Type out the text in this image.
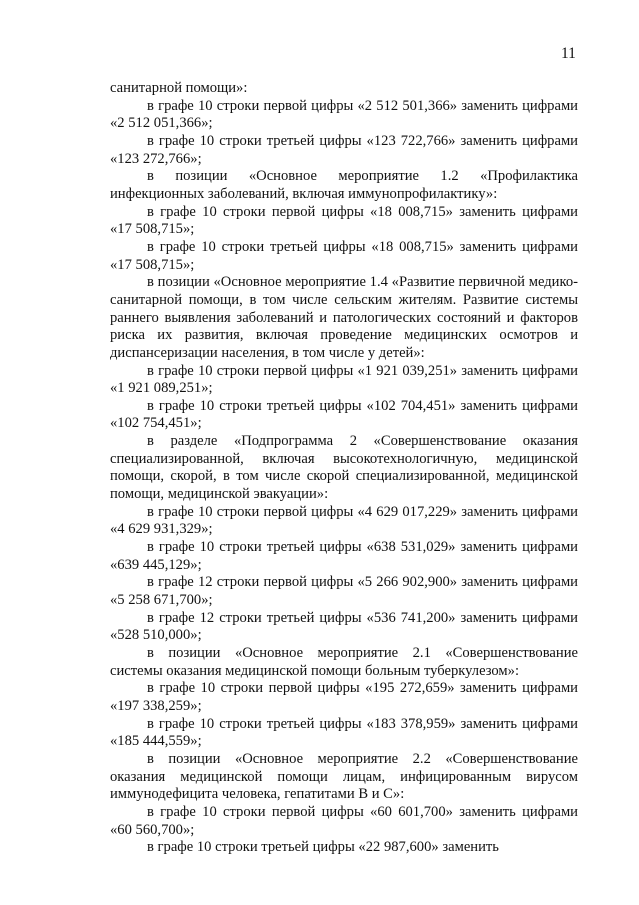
11

санитарной помощи»:

в графе 10 строки первой цифры «2 512 501,366» заменить цифрами «2 512 051,366»;

в графе 10 строки третьей цифры «123 722,766» заменить цифрами «123 272,766»;

в позиции «Основное мероприятие 1.2 «Профилактика инфекционных заболеваний, включая иммунопрофилактику»:

в графе 10 строки первой цифры «18 008,715» заменить цифрами «17 508,715»;

в графе 10 строки третьей цифры «18 008,715» заменить цифрами «17 508,715»;

в позиции «Основное мероприятие 1.4 «Развитие первичной медико-санитарной помощи, в том числе сельским жителям. Развитие системы раннего выявления заболеваний и патологических состояний и факторов риска их развития, включая проведение медицинских осмотров и диспансеризации населения, в том числе у детей»:

в графе 10 строки первой цифры «1 921 039,251» заменить цифрами «1 921 089,251»;

в графе 10 строки третьей цифры «102 704,451» заменить цифрами «102 754,451»;

в разделе «Подпрограмма 2 «Совершенствование оказания специализированной, включая высокотехнологичную, медицинской помощи, скорой, в том числе скорой специализированной, медицинской помощи, медицинской эвакуации»:

в графе 10 строки первой цифры «4 629 017,229» заменить цифрами «4 629 931,329»;

в графе 10 строки третьей цифры «638 531,029» заменить цифрами «639 445,129»;

в графе 12 строки первой цифры «5 266 902,900» заменить цифрами «5 258 671,700»;

в графе 12 строки третьей цифры «536 741,200» заменить цифрами «528 510,000»;

в позиции «Основное мероприятие 2.1 «Совершенствование системы оказания медицинской помощи больным туберкулезом»:

в графе 10 строки первой цифры «195 272,659» заменить цифрами «197 338,259»;

в графе 10 строки третьей цифры «183 378,959» заменить цифрами «185 444,559»;

в позиции «Основное мероприятие 2.2 «Совершенствование оказания медицинской помощи лицам, инфицированным вирусом иммунодефицита человека, гепатитами В и С»:

в графе 10 строки первой цифры «60 601,700» заменить цифрами «60 560,700»;

в графе 10 строки третьей цифры «22 987,600» заменить
